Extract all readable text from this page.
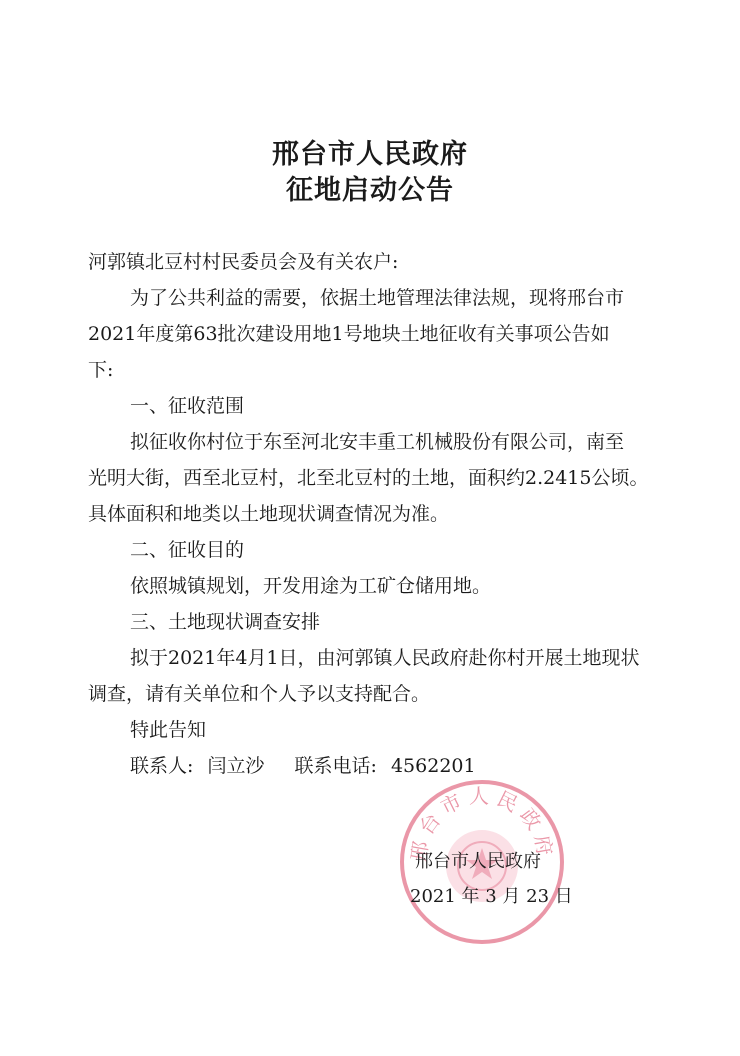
邢台市人民政府
征地启动公告
河郭镇北豆村村民委员会及有关农户:
为了公共利益的需要，依据土地管理法律法规，现将邢台市
2021年度第63批次建设用地1号地块土地征收有关事项公告如
下:
一、征收范围
拟征收你村位于东至河北安丰重工机械股份有限公司，南至
光明大街，西至北豆村，北至北豆村的土地，面积约2.2415公顷。
具体面积和地类以土地现状调查情况为准。
二、征收目的
依照城镇规划，开发用途为工矿仓储用地。
三、土地现状调查安排
拟于2021年4月1日，由河郭镇人民政府赴你村开展土地现状
调查，请有关单位和个人予以支持配合。
特此告知
联系人: 闫立沙 联系电话: 4562201
邢台市人民政府
邢台市人民政府
2021 年 3 月 23 日
